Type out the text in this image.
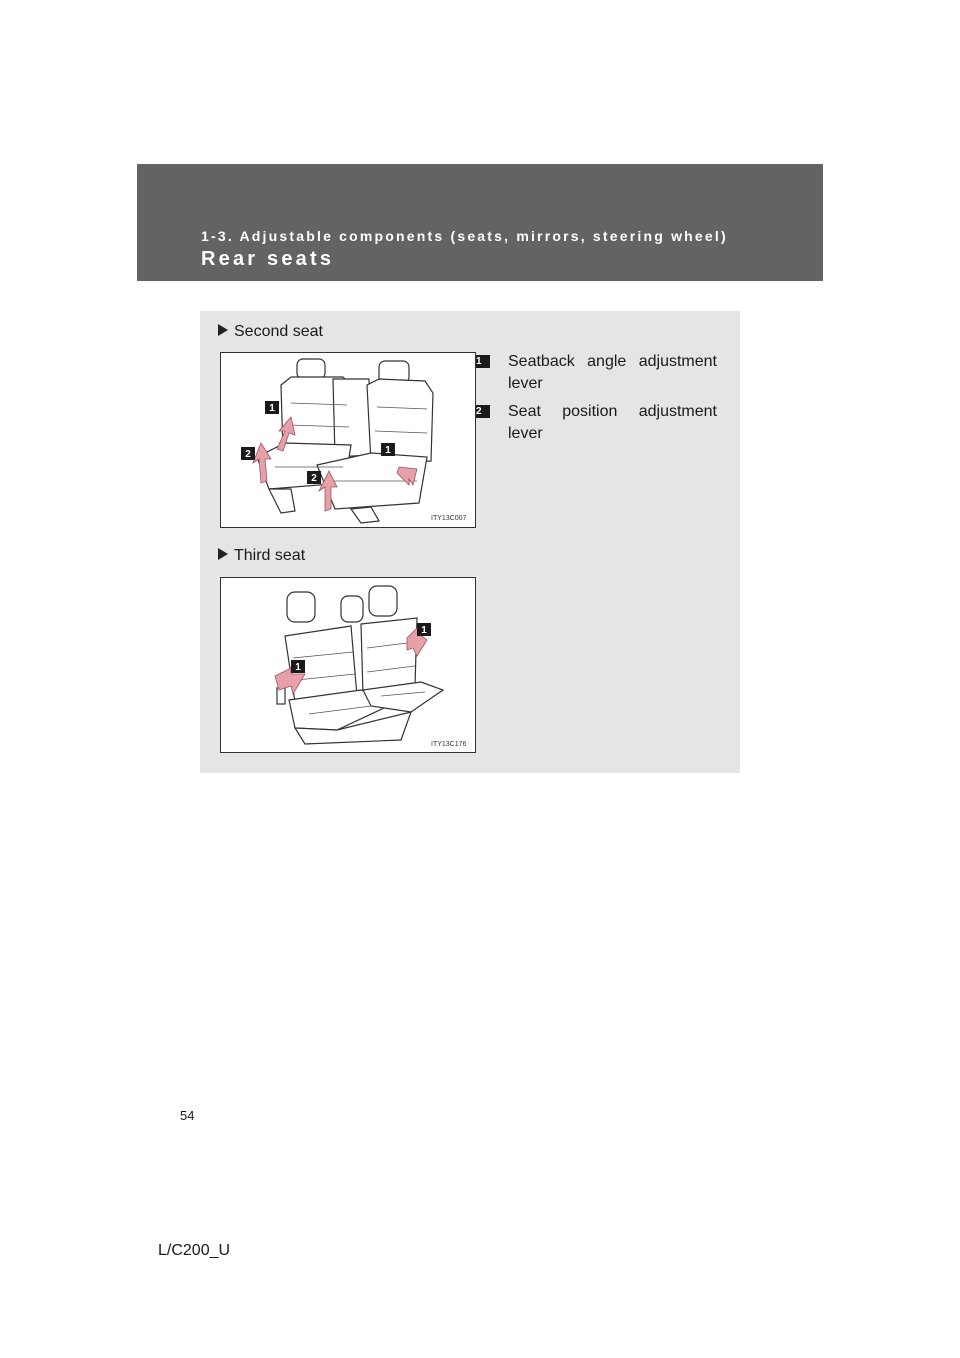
1-3. Adjustable components (seats, mirrors, steering wheel)
Rear seats
Second seat
1
2	1
2
ITY13C007
1	Seatback angle adjustment lever
2	Seat position adjustment lever
Third seat
1
1
ITY13C176
54
L/C200_U
